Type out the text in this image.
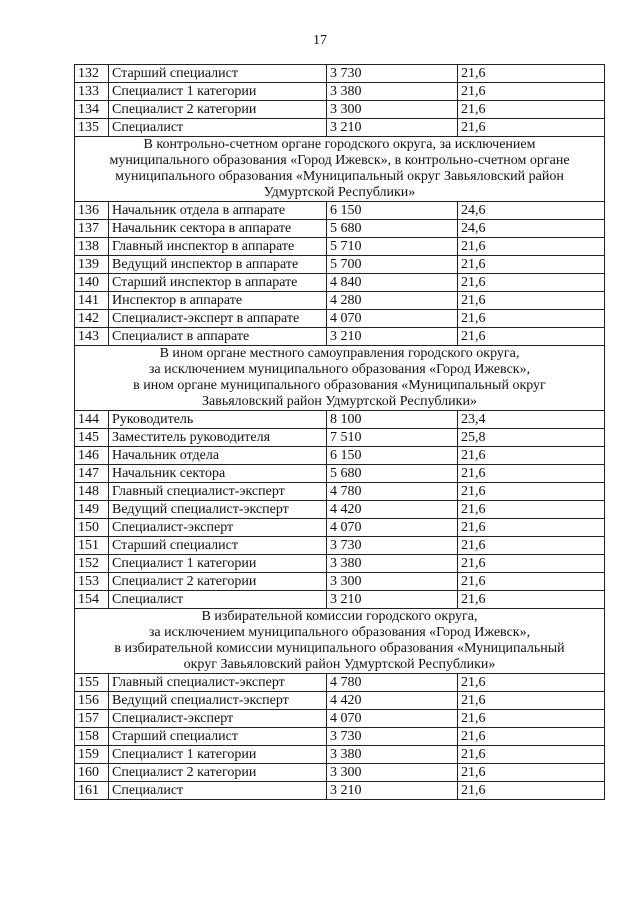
17
132	Старший специалист	3 730	21,6
133	Специалист 1 категории	3 380	21,6
134	Специалист 2 категории	3 300	21,6
135	Специалист	3 210	21,6

В контрольно-счетном органе городского округа, за исключением
муниципального образования «Город Ижевск», в контрольно-счетном органе
муниципального образования «Муниципальный округ Завьяловский район
Удмуртской Республики»			

136	Начальник отдела в аппарате	6 150	24,6
137	Начальник сектора в аппарате	5 680	24,6
138	Главный инспектор в аппарате	5 710	21,6
139	Ведущий инспектор в аппарате	5 700	21,6
140	Старший инспектор в аппарате	4 840	21,6
141	Инспектор в аппарате	4 280	21,6
142	Специалист-эксперт в аппарате	4 070	21,6
143	Специалист в аппарате	3 210	21,6

В ином органе местного самоуправления городского округа,
за исключением муниципального образования «Город Ижевск»,
в ином органе муниципального образования «Муниципальный округ
Завьяловский район Удмуртской Республики»			

144	Руководитель	8 100	23,4
145	Заместитель руководителя	7 510	25,8
146	Начальник отдела	6 150	21,6
147	Начальник сектора	5 680	21,6
148	Главный специалист-эксперт	4 780	21,6
149	Ведущий специалист-эксперт	4 420	21,6
150	Специалист-эксперт	4 070	21,6
151	Старший специалист	3 730	21,6
152	Специалист 1 категории	3 380	21,6
153	Специалист 2 категории	3 300	21,6
154	Специалист	3 210	21,6

В избирательной комиссии городского округа,
за исключением муниципального образования «Город Ижевск»,
в избирательной комиссии муниципального образования «Муниципальный
округ Завьяловский район Удмуртской Республики»			

155	Главный специалист-эксперт	4 780	21,6
156	Ведущий специалист-эксперт	4 420	21,6
157	Специалист-эксперт	4 070	21,6
158	Старший специалист	3 730	21,6
159	Специалист 1 категории	3 380	21,6
160	Специалист 2 категории	3 300	21,6
161	Специалист	3 210	21,6
